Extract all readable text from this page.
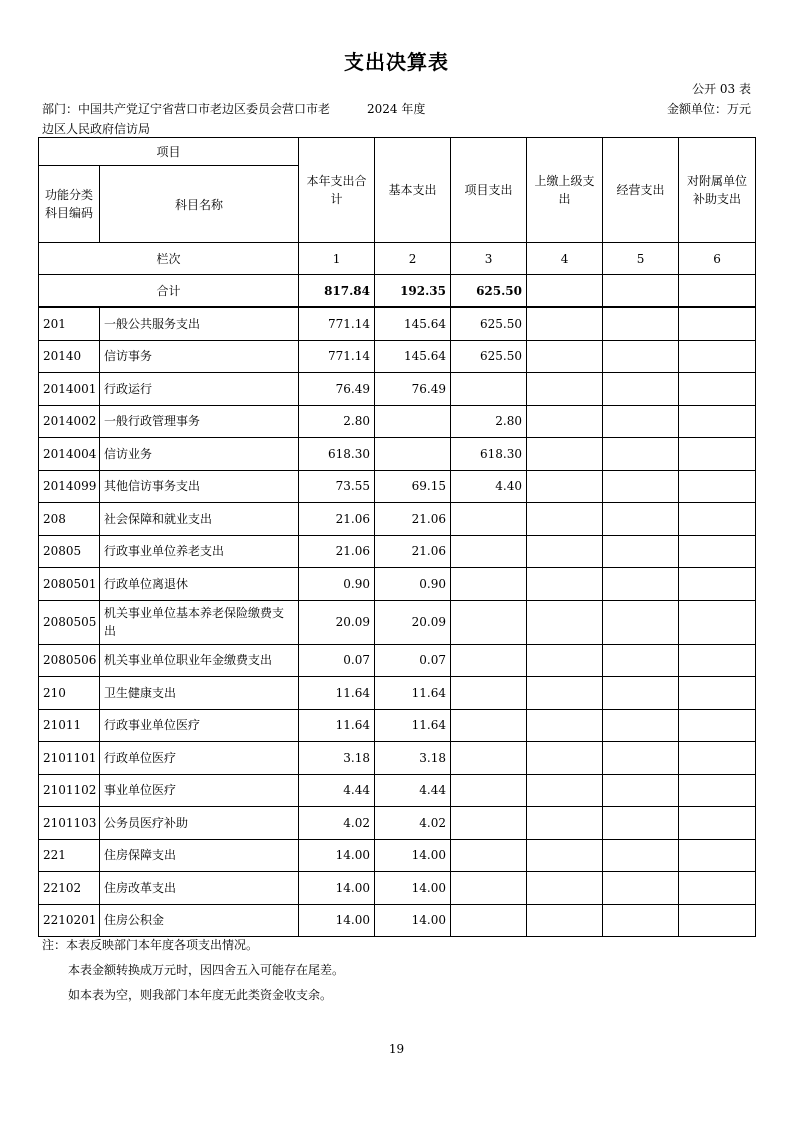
支出决算表
公开 03 表
部门：中国共产党辽宁省营口市老边区委员会营口市老边区人民政府信访局
2024 年度	金额单位：万元
项目		本年支出合计	基本支出	项目支出	上缴上级支出	经营支出	对附属单位补助支出
功能分类科目编码	科目名称						
栏次		1	2	3	4	5	6
合计		817.84	192.35	625.50			
201	一般公共服务支出	771.14	145.64	625.50			
20140	信访事务	771.14	145.64	625.50			
2014001	行政运行	76.49	76.49				
2014002	一般行政管理事务	2.80		2.80			
2014004	信访业务	618.30		618.30			
2014099	其他信访事务支出	73.55	69.15	4.40			
208	社会保障和就业支出	21.06	21.06				
20805	行政事业单位养老支出	21.06	21.06				
2080501	行政单位离退休	0.90	0.90				
2080505	机关事业单位基本养老保险缴费支出	20.09	20.09				
2080506	机关事业单位职业年金缴费支出	0.07	0.07				
210	卫生健康支出	11.64	11.64				
21011	行政事业单位医疗	11.64	11.64				
2101101	行政单位医疗	3.18	3.18				
2101102	事业单位医疗	4.44	4.44				
2101103	公务员医疗补助	4.02	4.02				
221	住房保障支出	14.00	14.00				
22102	住房改革支出	14.00	14.00				
2210201	住房公积金	14.00	14.00				
注：本表反映部门本年度各项支出情况。
本表金额转换成万元时，因四舍五入可能存在尾差。
如本表为空，则我部门本年度无此类资金收支余。
19
